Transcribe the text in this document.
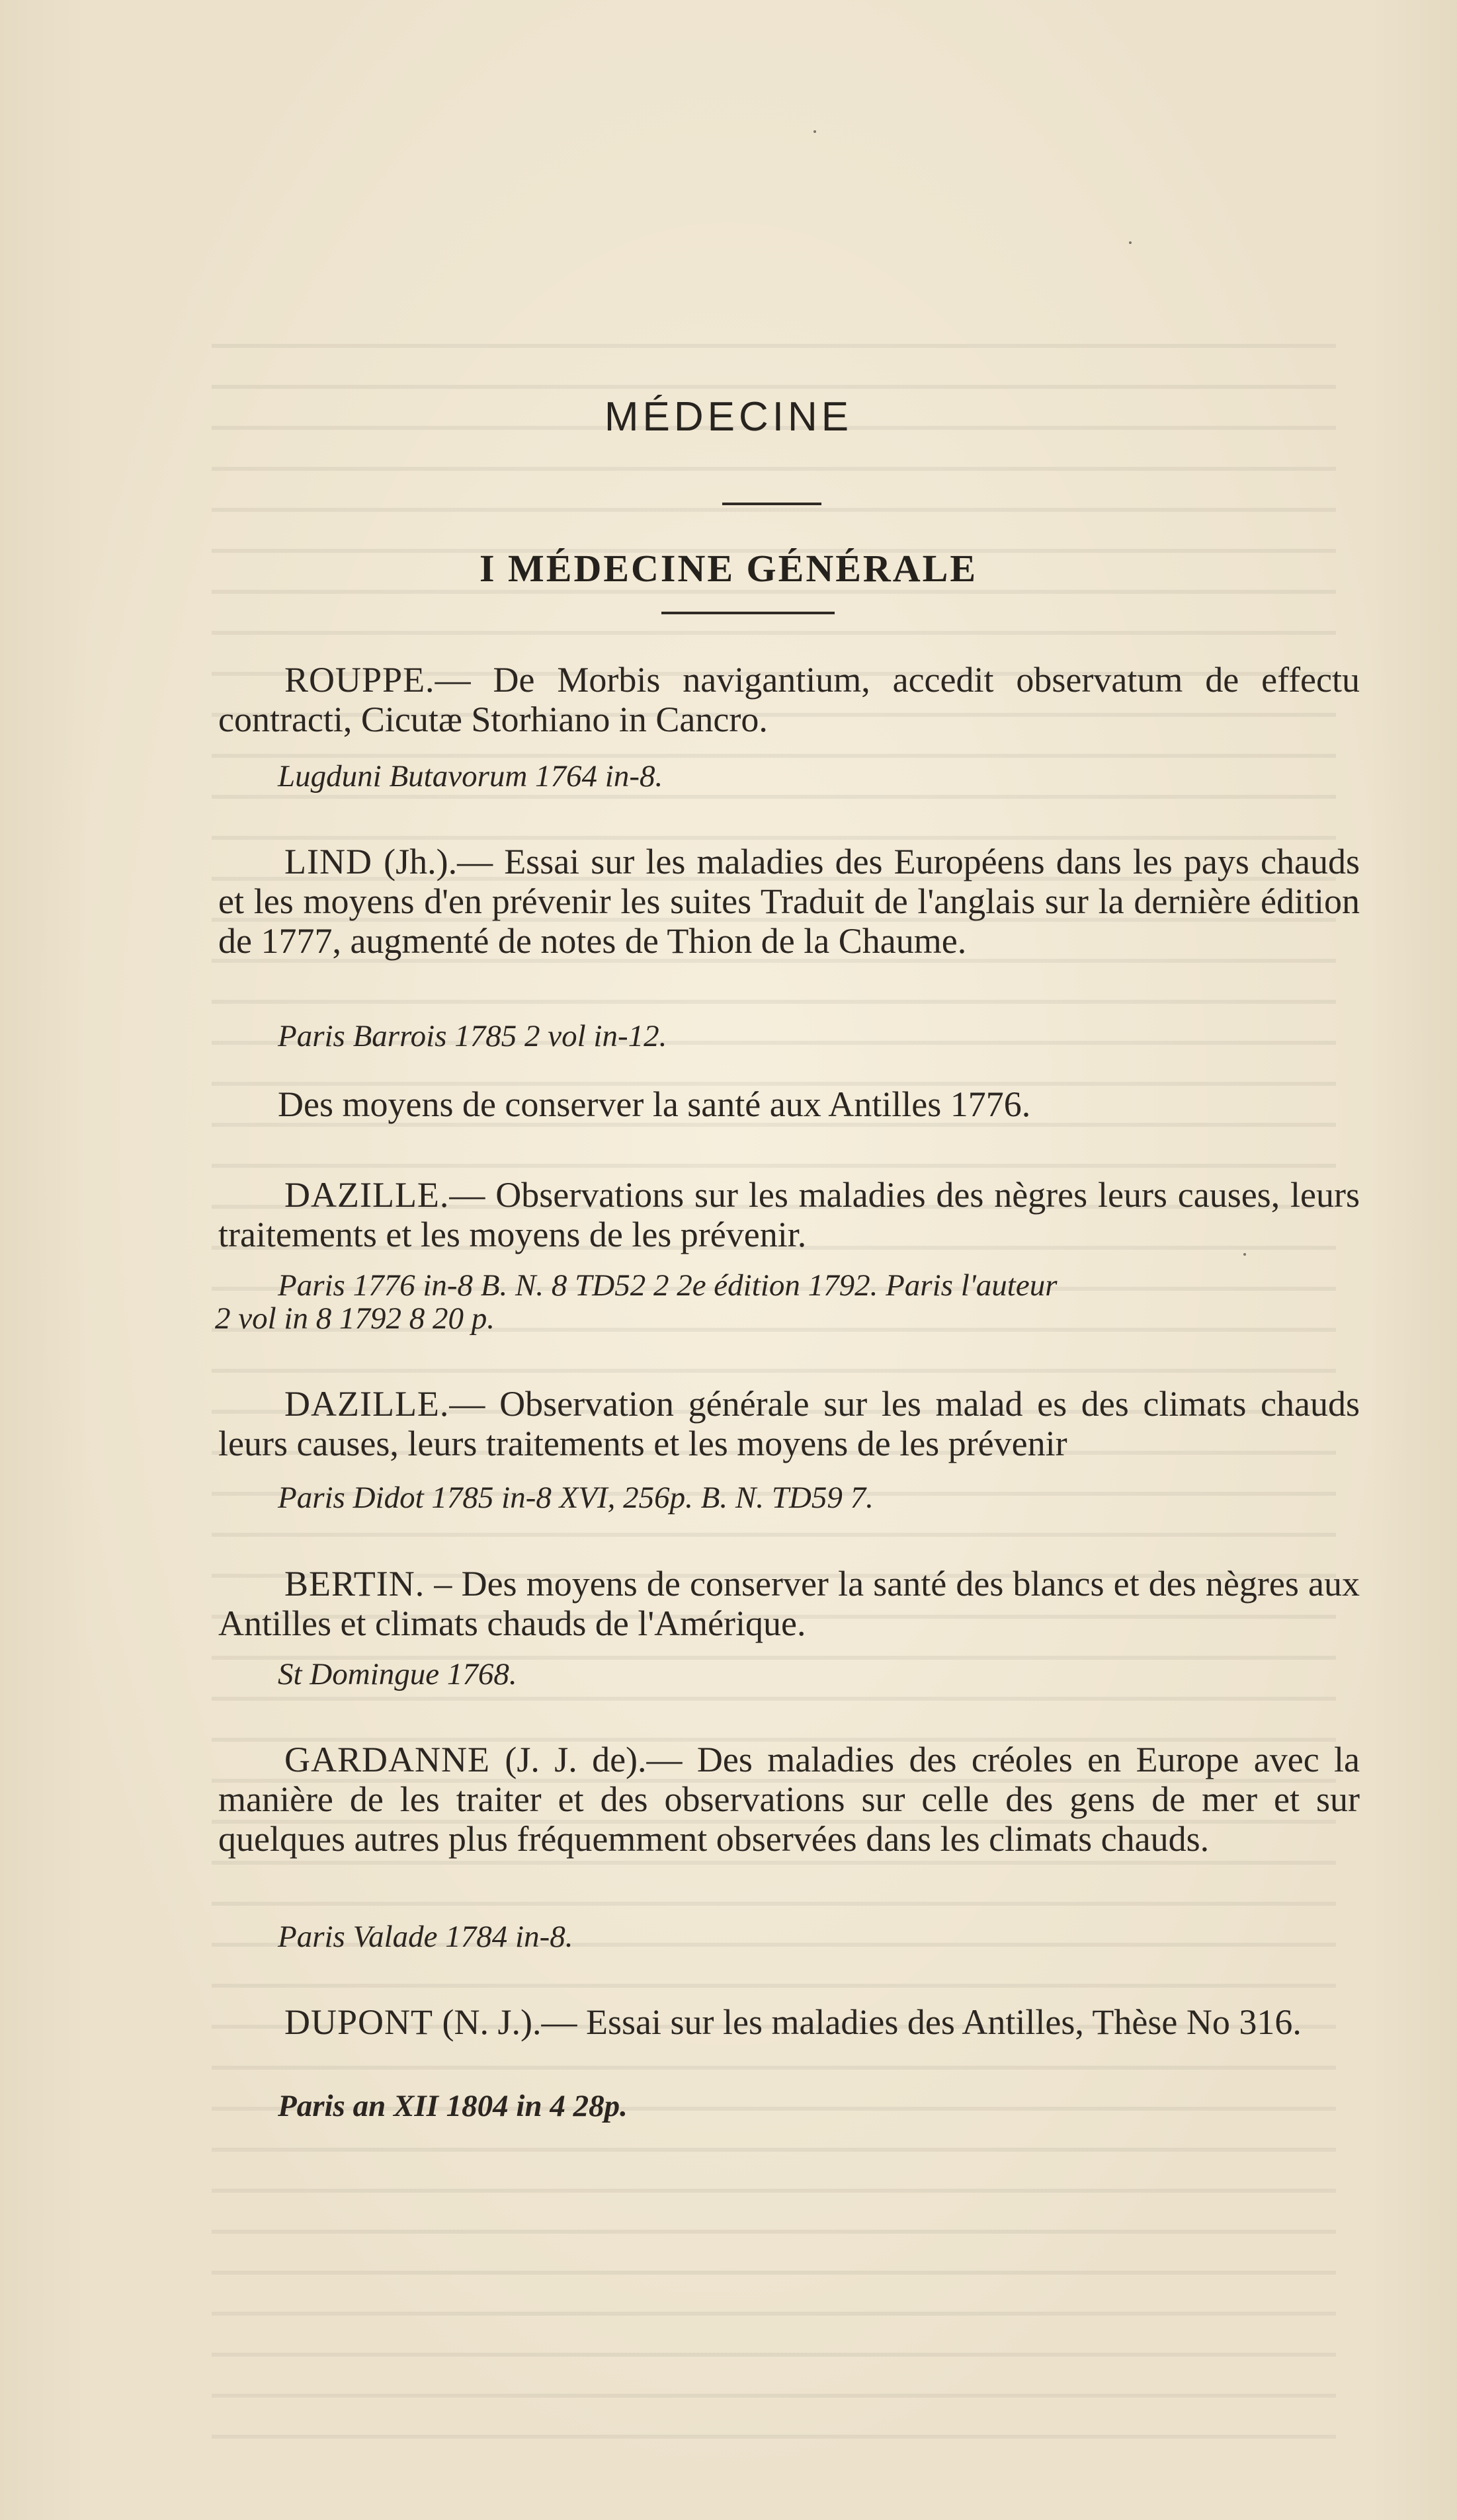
MÉDECINE
I MÉDECINE GÉNÉRALE
ROUPPE.— De Morbis navigantium, accedit observatum de effectu contracti, Cicutæ Storhiano in Cancro.
Lugduni Butavorum 1764 in-8.
LIND (Jh.).— Essai sur les maladies des Européens dans les pays chauds et les moyens d'en prévenir les suites Traduit de l'anglais sur la dernière édition de 1777, augmenté de notes de Thion de la Chaume.
Paris Barrois 1785 2 vol in-12.
Des moyens de conserver la santé aux Antilles 1776.
DAZILLE.— Observations sur les maladies des nègres leurs causes, leurs traitements et les moyens de les prévenir.
Paris 1776 in-8 B. N. 8 TD52 2 2e édition 1792. Paris l'auteur
2 vol in 8 1792 8 20 p.
DAZILLE.— Observation générale sur les malad es des climats chauds leurs causes, leurs traitements et les moyens de les prévenir
Paris Didot 1785 in-8 XVI, 256p. B. N. TD59 7.
BERTIN. – Des moyens de conserver la santé des blancs et des nègres aux Antilles et climats chauds de l'Amérique.
St Domingue 1768.
GARDANNE (J. J. de).— Des maladies des créoles en Europe avec la manière de les traiter et des observations sur celle des gens de mer et sur quelques autres plus fréquemment observées dans les climats chauds.
Paris Valade 1784 in-8.
DUPONT (N. J.).— Essai sur les maladies des Antilles, Thèse No 316.
Paris an XII 1804 in 4 28p.
